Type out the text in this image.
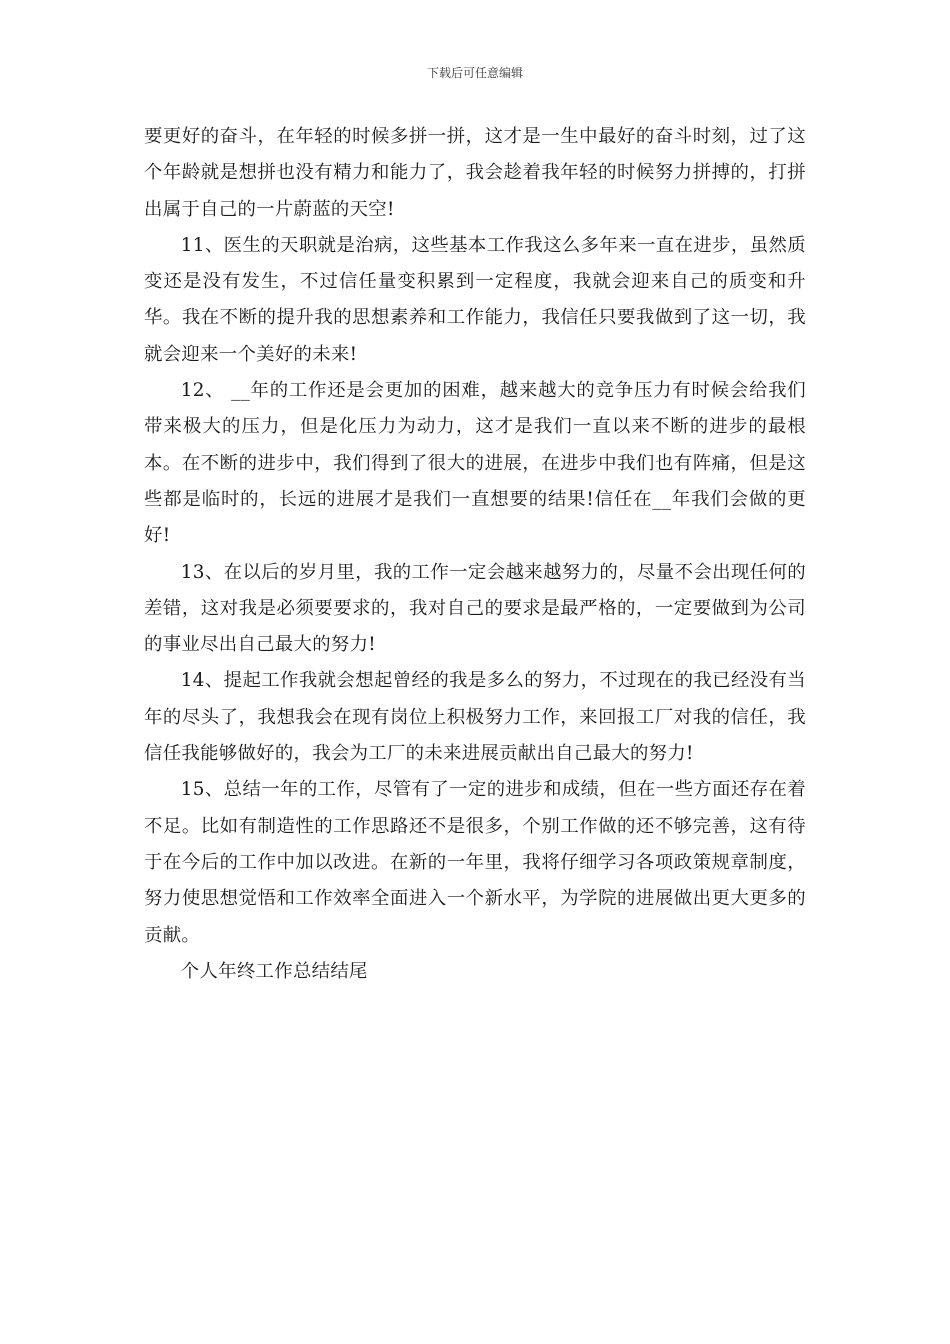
下载后可任意编辑

要更好的奋斗，在年轻的时候多拼一拼，这才是一生中最好的奋斗时刻，过了这个年龄就是想拼也没有精力和能力了，我会趁着我年轻的时候努力拼搏的，打拼出属于自己的一片蔚蓝的天空!

11、医生的天职就是治病，这些基本工作我这么多年来一直在进步，虽然质变还是没有发生，不过信任量变积累到一定程度，我就会迎来自己的质变和升华。我在不断的提升我的思想素养和工作能力，我信任只要我做到了这一切，我就会迎来一个美好的未来!

12、 __年的工作还是会更加的困难，越来越大的竞争压力有时候会给我们带来极大的压力，但是化压力为动力，这才是我们一直以来不断的进步的最根本。在不断的进步中，我们得到了很大的进展，在进步中我们也有阵痛，但是这些都是临时的，长远的进展才是我们一直想要的结果!信任在__年我们会做的更好!

13、在以后的岁月里，我的工作一定会越来越努力的，尽量不会出现任何的差错，这对我是必须要要求的，我对自己的要求是最严格的，一定要做到为公司的事业尽出自己最大的努力!

14、提起工作我就会想起曾经的我是多么的努力，不过现在的我已经没有当年的尽头了，我想我会在现有岗位上积极努力工作，来回报工厂对我的信任，我信任我能够做好的，我会为工厂的未来进展贡献出自己最大的努力!

15、总结一年的工作，尽管有了一定的进步和成绩，但在一些方面还存在着不足。比如有制造性的工作思路还不是很多，个别工作做的还不够完善，这有待于在今后的工作中加以改进。在新的一年里，我将仔细学习各项政策规章制度，努力使思想觉悟和工作效率全面进入一个新水平，为学院的进展做出更大更多的贡献。

个人年终工作总结结尾
